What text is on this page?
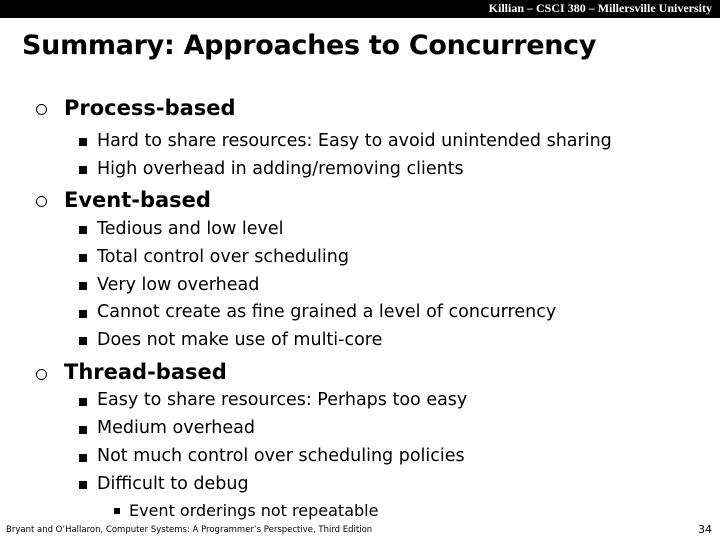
Killian – CSCI 380 – Millersville University
Summary: Approaches to Concurrency
Process-based
Hard to share resources: Easy to avoid unintended sharing
High overhead in adding/removing clients
Event-based
Tedious and low level
Total control over scheduling
Very low overhead
Cannot create as fine grained a level of concurrency
Does not make use of multi-core
Thread-based
Easy to share resources: Perhaps too easy
Medium overhead
Not much control over scheduling policies
Difficult to debug
Event orderings not repeatable
Bryant and O’Hallaron, Computer Systems: A Programmer’s Perspective, Third Edition	34
